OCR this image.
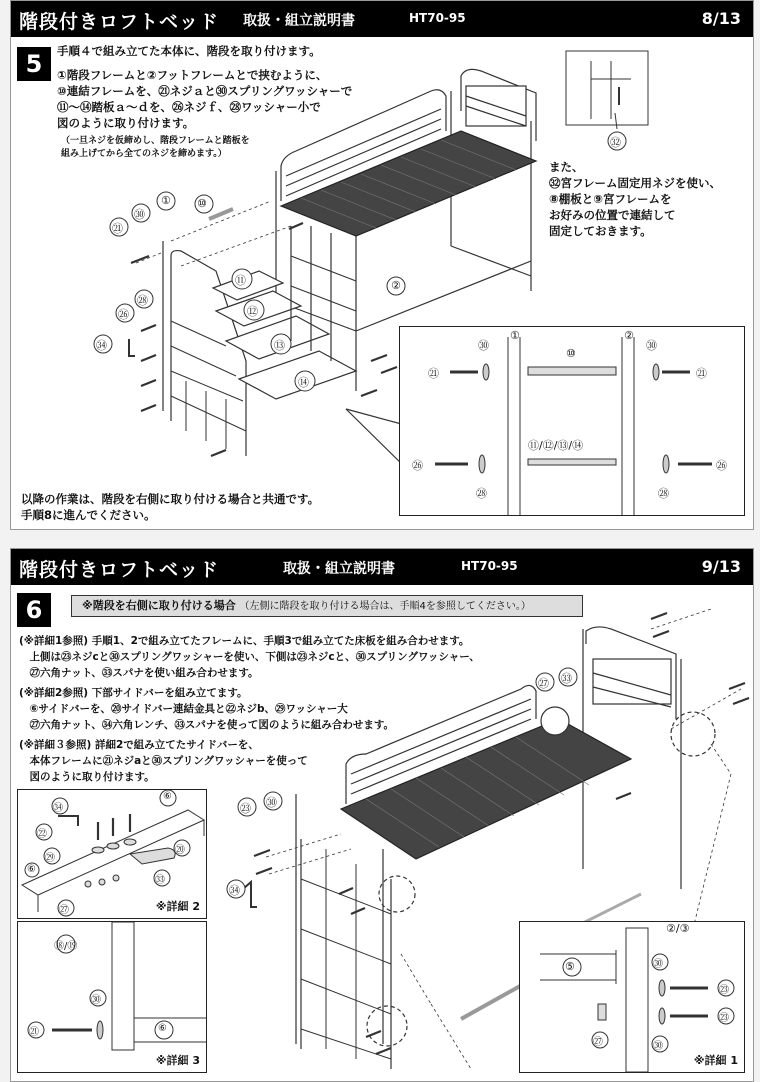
階段付きロフトベッド 取扱・組立説明書	HT70-95	8/13
5	手順４で組み立てた本体に、階段を取り付けます。
①階段フレームと②フットフレームとで挟むように、
⑩連結フレームを、㉑ネジａと㉚スプリングワッシャーで
⑪～⑭踏板ａ～ｄを、㉖ネジｆ、㉘ワッシャー小で
図のように取り付けます。
（一旦ネジを仮締めし、階段フレームと踏板を
組み上げてから全てのネジを締めます。）
また、
㉜宮フレーム固定用ネジを使い、
⑧棚板と⑨宮フレームを
お好みの位置で連結して
固定しておきます。
以降の作業は、階段を右側に取り付ける場合と共通です。
手順8に進んでください。
①
②
⑩
⑪
⑫
⑬
⑭
㉑
㉚
㉖
㉘
㉞
㉜
①	②
㉚	㉚
⑩
㉑	㉑
⑪/⑫/⑬/⑭
㉖	㉖
㉘	㉘
階段付きロフトベッド	取扱・組立説明書	HT70-95	9/13
6	※階段を右側に取り付ける場合 （左側に階段を取り付ける場合は、手順4を参照してください。）
(※詳細1参照) 手順1、2で組み立てたフレームに、手順3で組み立てた床板を組み合わせます。
　上側は㉓ネジcと㉚スプリングワッシャーを使い、下側は㉓ネジcと、㉚スプリングワッシャー、
　㉗六角ナット、㉝スパナを使い組み合わせます。
(※詳細2参照) 下部サイドバーを組み立てます。
　⑥サイドバーを、⑳サイドバー連結金具と㉒ネジb、㉙ワッシャー大
　㉗六角ナット、㉞六角レンチ、㉝スパナを使って図のように組み合わせます。
(※詳細３参照) 詳細2で組み立てたサイドバーを、
　本体フレームに㉑ネジaと㉚スプリングワッシャーを使って
　図のように取り付けます。
㉓ ㉚
㉞
㉗ ㉝
㉞
⑥
㉒
⑳
㉙
㉝
⑥
㉗	※詳細 2
⑱/⑲
㉚
㉑	⑥
※詳細 3
②/③
⑤
㉗
㉚
㉚
㉓
㉓
※詳細 1
